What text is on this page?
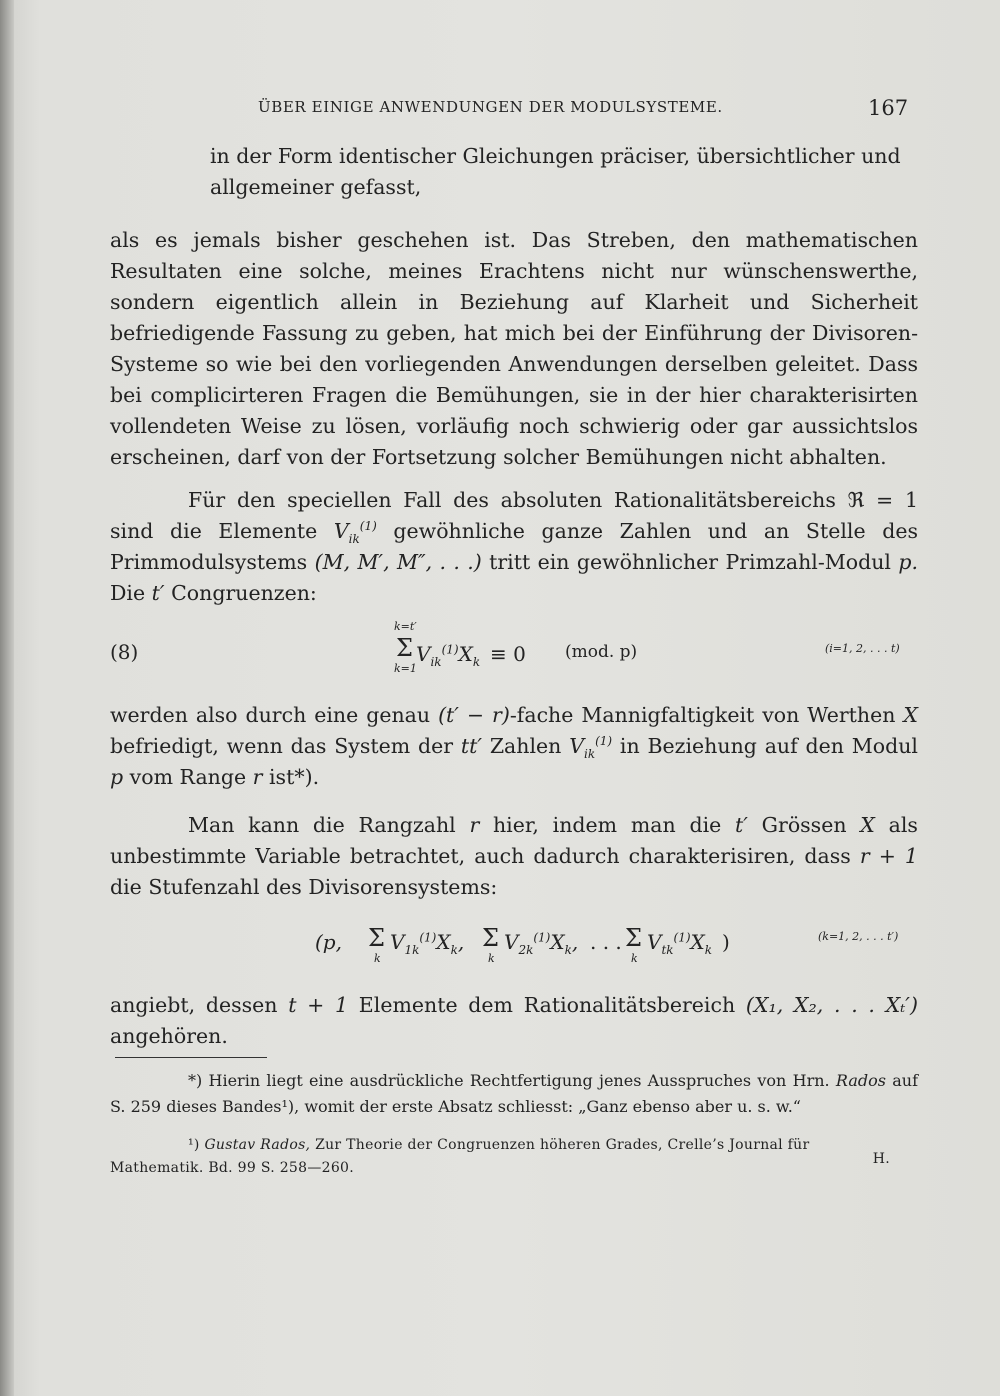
ÜBER EINIGE ANWENDUNGEN DER MODULSYSTEME.	167

in der Form identischer Gleichungen präciser, übersichtlicher und

allgemeiner gefasst,

als es jemals bisher geschehen ist. Das Streben, den mathematischen Resultaten eine solche, meines Erachtens nicht nur wünschenswerthe, sondern eigentlich allein in Beziehung auf Klarheit und Sicherheit befriedigende Fassung zu geben, hat mich bei der Einführung der Divisoren-Systeme so wie bei den vorliegenden Anwendungen derselben geleitet. Dass bei complicirteren Fragen die Bemühungen, sie in der hier charakterisirten vollendeten Weise zu lösen, vorläufig noch schwierig oder gar aussichtslos erscheinen, darf von der Fortsetzung solcher Bemühungen nicht abhalten.

Für den speciellen Fall des absoluten Rationalitätsbereichs ℜ = 1 sind die Elemente $V_{ik}^{(1)}$ gewöhnliche ganze Zahlen und an Stelle des Primmodulsystems (M, M′, M″, . . .) tritt ein gewöhnlicher Primzahl-Modul p. Die t′ Congruenzen:

(8)	Σ
k=t′
k=1
$V_{ik}^{(1)}X_k \equiv 0$ (mod. p)	(i=1, 2, . . . t)

werden also durch eine genau (t′ − r)-fache Mannigfaltigkeit von Werthen X befriedigt, wenn das System der tt′ Zahlen $V_{ik}^{(1)}$ in Beziehung auf den Modul p vom Range r ist*).

Man kann die Rangzahl r hier, indem man die t′ Grössen X als unbestimmte Variable betrachtet, auch dadurch charakterisiren, dass r + 1 die Stufenzahl des Divisorensystems:

(p, Σ
k
$V_{1k}^{(1)}X_k$, Σ
k
$V_{2k}^{(1)}X_k$, . . . Σ
k
$V_{tk}^{(1)}X_k$ )	(k=1, 2, . . . t′)

angiebt, dessen t + 1 Elemente dem Rationalitätsbereich (X₁, X₂, . . . Xₜ′) angehören.

*) Hierin liegt eine ausdrückliche Rechtfertigung jenes Ausspruches von Hrn. Rados auf S. 259 dieses Bandes¹), womit der erste Absatz schliesst: „Ganz ebenso aber u. s. w.“

¹) Gustav Rados, Zur Theorie der Congruenzen höheren Grades, Crelle’s Journal für Mathematik. Bd. 99 S. 258—260.

H.
